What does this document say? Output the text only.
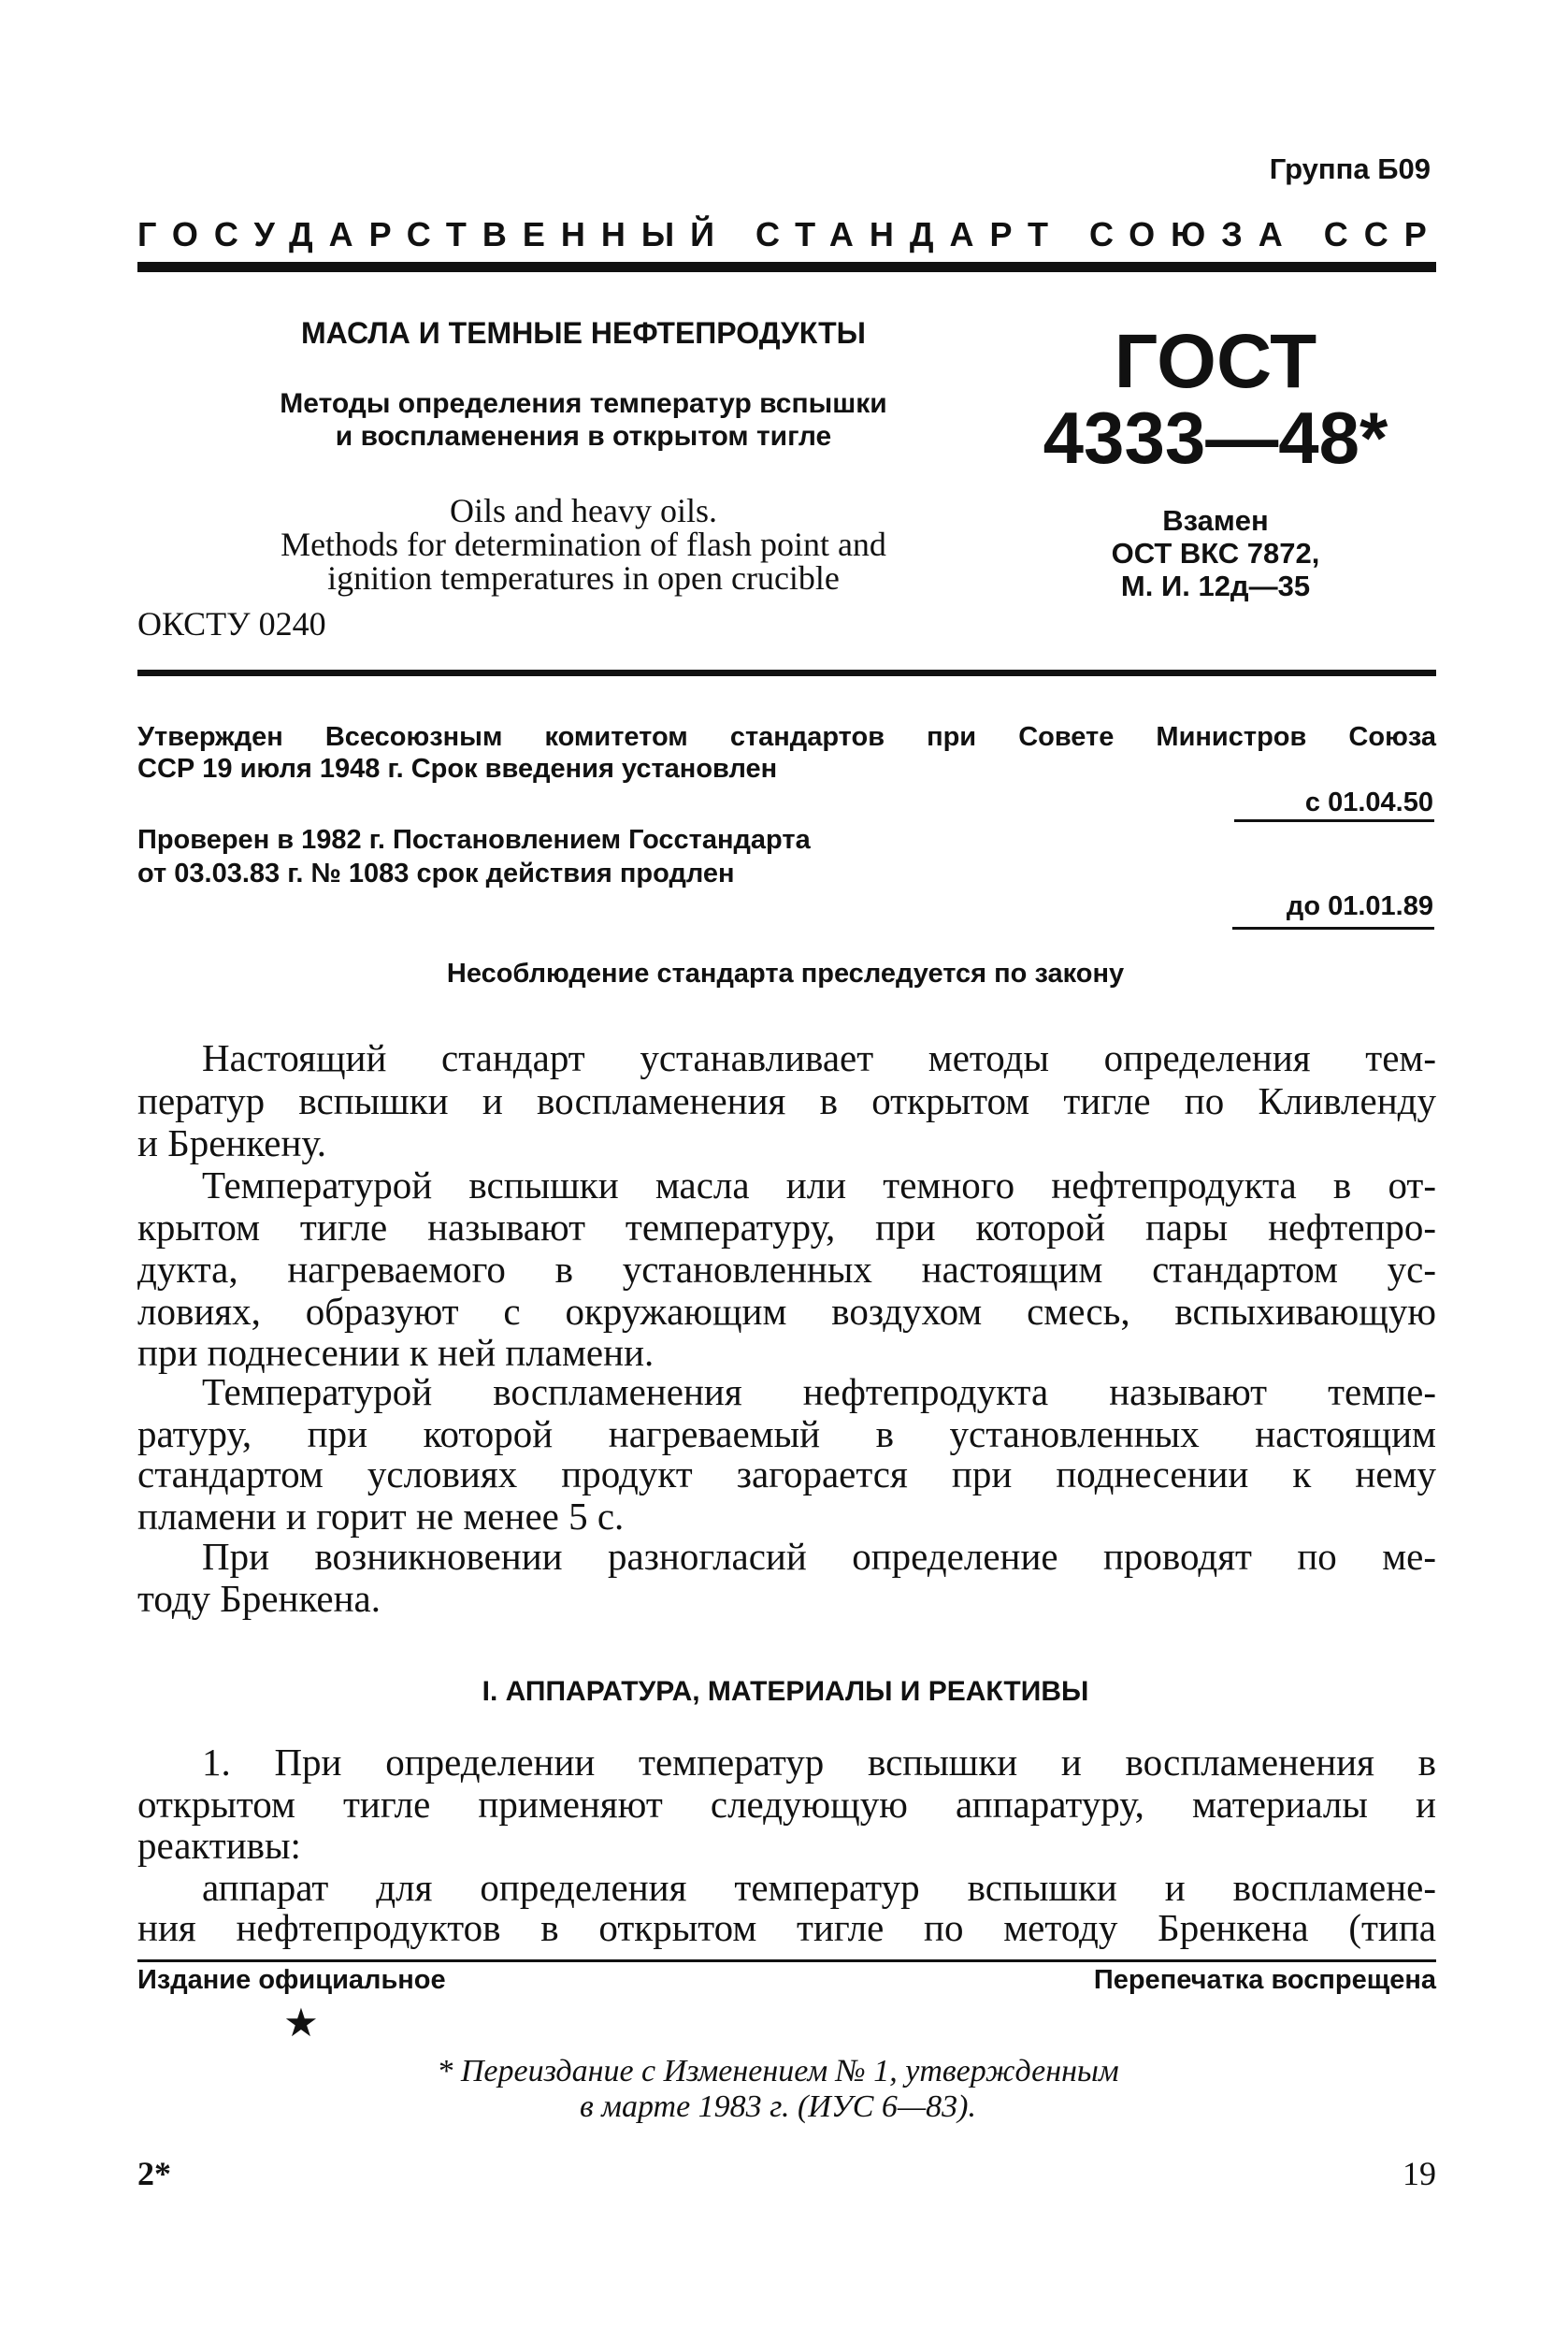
Группа Б09
ГОСУДАРСТВЕННЫЙ СТАНДАРТ СОЮЗА ССР
МАСЛА И ТЕМНЫЕ НЕФТЕПРОДУКТЫ
Методы определения температур вспышки
и воспламенения в открытом тигле
Oils and heavy oils.
Methods for determination of flash point and
ignition temperatures in open crucible
ОКСТУ 0240
ГОСТ
4333—48*
Взамен
ОСТ ВКС 7872,
М. И. 12д—35
Утвержден Всесоюзным комитетом стандартов при Совете Министров Союза
ССР 19 июля 1948 г. Срок введения установлен
с 01.04.50
Проверен в 1982 г. Постановлением Госстандарта
от 03.03.83 г. № 1083 срок действия продлен
до 01.01.89
Несоблюдение стандарта преследуется по закону
Настоящий стандарт устанавливает методы определения тем-
ператур вспышки и воспламенения в открытом тигле по Кливленду
и Бренкену.
Температурой вспышки масла или темного нефтепродукта в от-
крытом тигле называют температуру, при которой пары нефтепро-
дукта, нагреваемого в установленных настоящим стандартом ус-
ловиях, образуют с окружающим воздухом смесь, вспыхивающую
при поднесении к ней пламени.
Температурой воспламенения нефтепродукта называют темпе-
ратуру, при которой нагреваемый в установленных настоящим
стандартом условиях продукт загорается при поднесении к нему
пламени и горит не менее 5 с.
При возникновении разногласий определение проводят по ме-
тоду Бренкена.
I. АППАРАТУРА, МАТЕРИАЛЫ И РЕАКТИВЫ
1. При определении температур вспышки и воспламенения в
открытом тигле применяют следующую аппаратуру, материалы и
реактивы:
аппарат для определения температур вспышки и воспламене-
ния нефтепродуктов в открытом тигле по методу Бренкена (типа
Издание официальное	Перепечатка воспрещена
★
* Переиздание с Изменением № 1, утвержденным
в марте 1983 г. (ИУС 6—83).
2*	19
